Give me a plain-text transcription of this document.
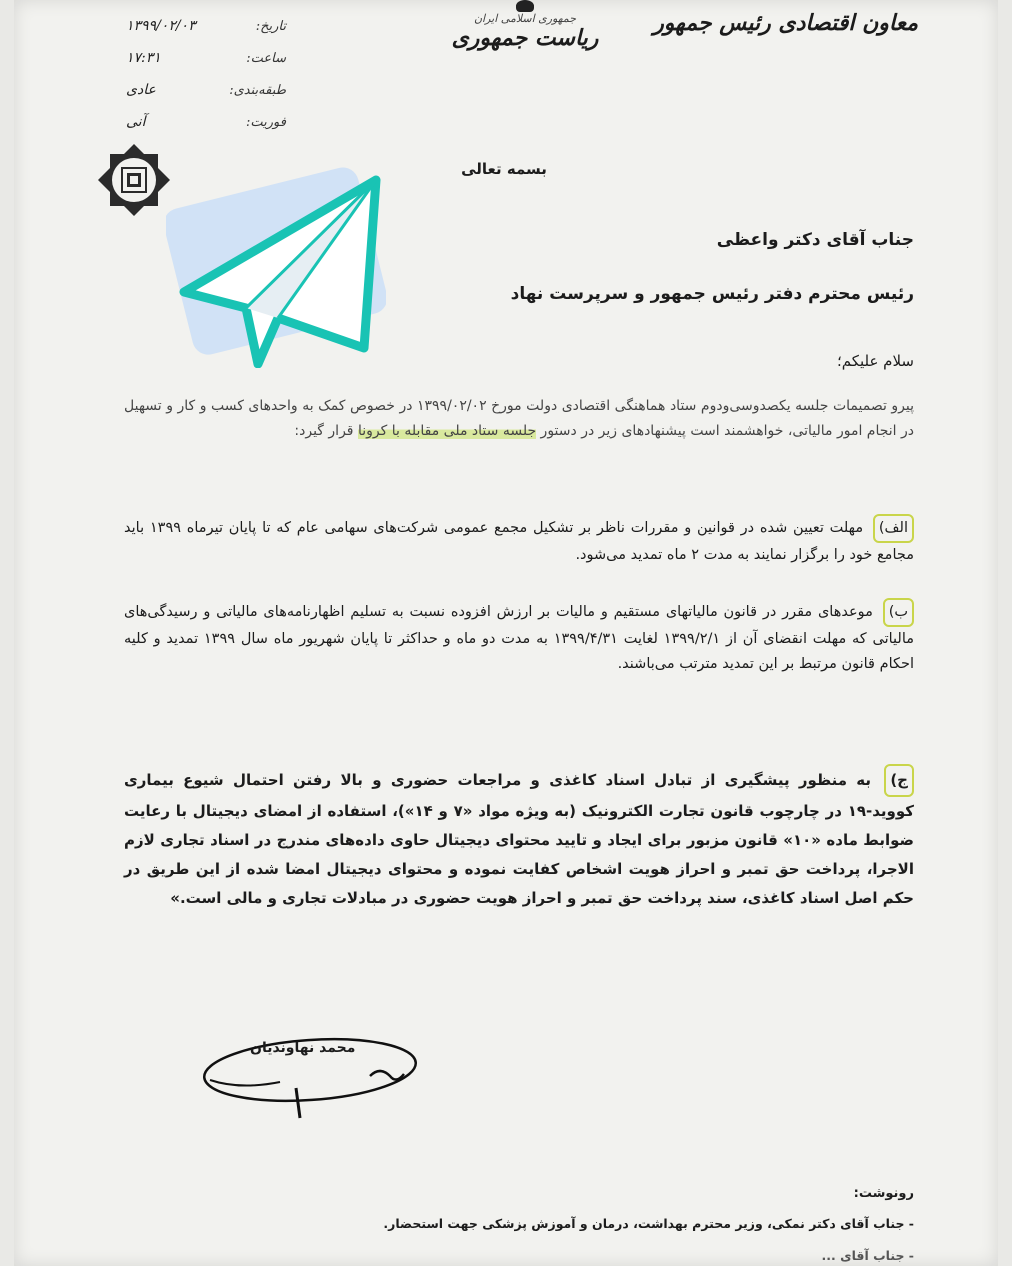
معاون اقتصادی رئیس جمهور
جمهوری اسلامی ایران
ریاست جمهوری
تاریخ:
۱۳۹۹/۰۲/۰۳
ساعت:
۱۷:۳۱
طبقه‌بندی:
عادی
فوریت:
آنی
بسمه تعالی
جناب آقای دکتر واعظی
رئیس محترم دفتر رئیس جمهور و سرپرست نهاد
سلام علیکم؛
پیرو تصمیمات جلسه یکصدوسی‌ودوم ستاد هماهنگی اقتصادی دولت مورخ ۱۳۹۹/۰۲/۰۲ در خصوص کمک به واحدهای کسب و کار و تسهیل در انجام امور مالیاتی، خواهشمند است پیشنهادهای زیر در دستور جلسه ستاد ملی مقابله با کرونا قرار گیرد:
الف) مهلت تعیین شده در قوانین و مقررات ناظر بر تشکیل مجمع عمومی شرکت‌های سهامی عام که تا پایان تیرماه ۱۳۹۹ باید مجامع خود را برگزار نمایند به مدت ۲ ماه تمدید می‌شود.
ب) موعدهای مقرر در قانون مالیاتهای مستقیم و مالیات بر ارزش افزوده نسبت به تسلیم اظهارنامه‌های مالیاتی و رسیدگی‌های مالیاتی که مهلت انقضای آن از ۱۳۹۹/۲/۱ لغایت ۱۳۹۹/۴/۳۱ به مدت دو ماه و حداکثر تا پایان شهریور ماه سال ۱۳۹۹ تمدید و کلیه احکام قانون مرتبط بر این تمدید مترتب می‌باشند.
ج) به منظور پیشگیری از تبادل اسناد کاغذی و مراجعات حضوری و بالا رفتن احتمال شیوع بیماری کووید-۱۹ در چارچوب قانون تجارت الکترونیک (به ویژه مواد «۷ و ۱۴»)، استفاده از امضای دیجیتال با رعایت ضوابط ماده «۱۰» قانون مزبور برای ایجاد و تایید محتوای دیجیتال حاوی داده‌های مندرج در اسناد تجاری لازم الاجرا، پرداخت حق تمبر و احراز هویت اشخاص کفایت نموده و محتوای دیجیتال امضا شده از این طریق در حکم اصل اسناد کاغذی، سند پرداخت حق تمبر و احراز هویت حضوری در مبادلات تجاری و مالی است.»
محمد نهاوندیان
رونوشت:
- جناب آقای دکتر نمکی، وزیر محترم بهداشت، درمان و آموزش پزشکی جهت استحضار.
- جناب آقای ...
